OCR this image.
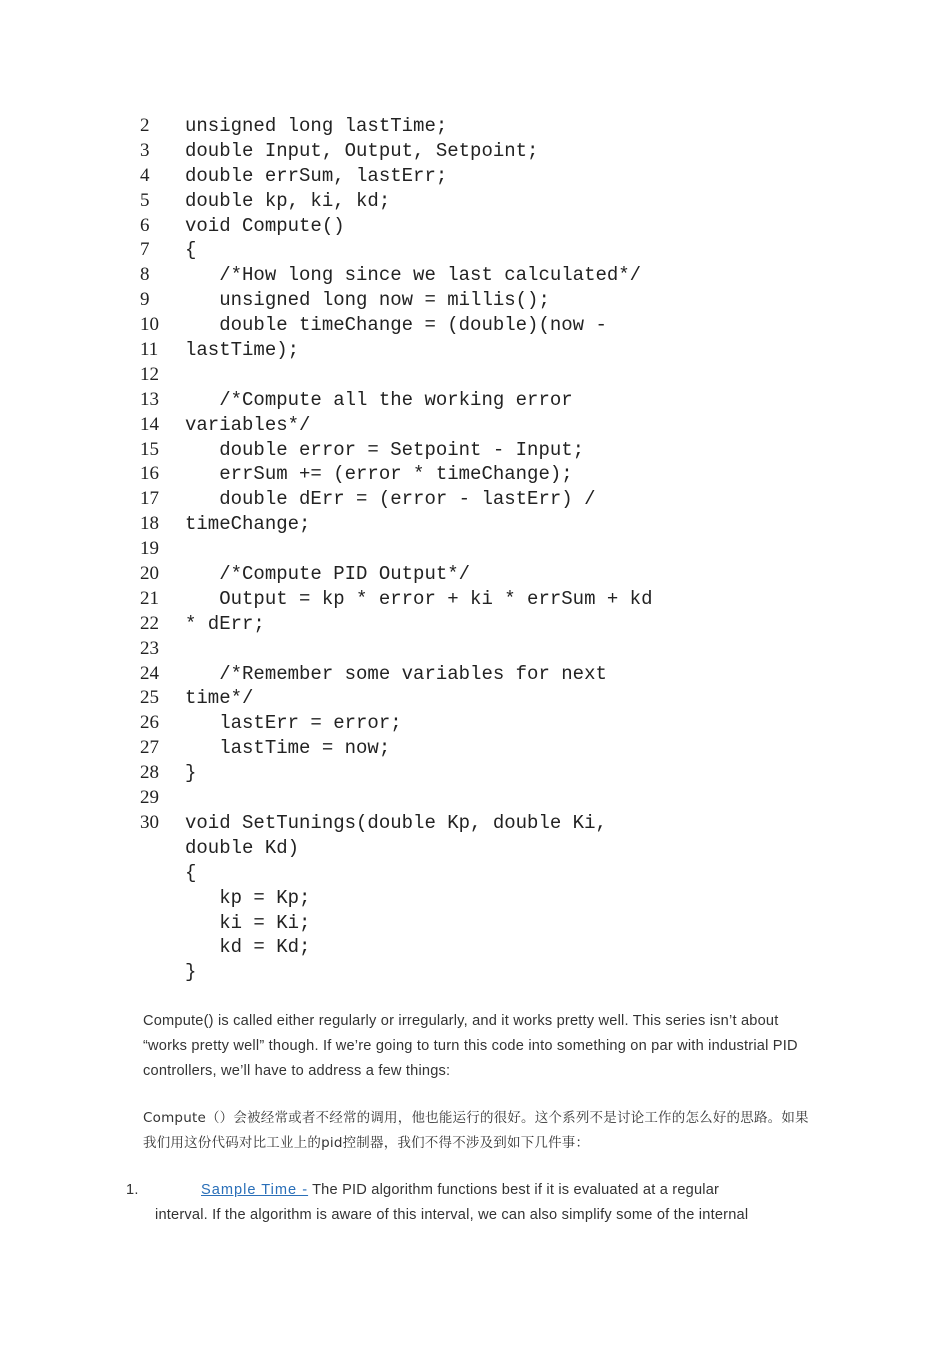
2
3
4
5
6
7
8
9
10
11
12
13
14
15
16
17
18
19
20
21
22
23
24
25
26
27
28
29
30
unsigned long lastTime;
double Input, Output, Setpoint;
double errSum, lastErr;
double kp, ki, kd;
void Compute()
{
/*How long since we last calculated*/
unsigned long now = millis();
double timeChange = (double)(now -
lastTime);
/*Compute all the working error
variables*/
double error = Setpoint - Input;
errSum += (error * timeChange);
double dErr = (error - lastErr) /
timeChange;
/*Compute PID Output*/
Output = kp * error + ki * errSum + kd
* dErr;
/*Remember some variables for next
time*/
lastErr = error;
lastTime = now;
}
void SetTunings(double Kp, double Ki,
double Kd)
{
kp = Kp;
ki = Ki;
kd = Kd;
}
Compute() is called either regularly or irregularly, and it works pretty well. This series isn’t about “works pretty well” though. If we’re going to turn this code into something on par with industrial PID controllers, we’ll have to address a few things:
Compute（）会被经常或者不经常的调用，他也能运行的很好。这个系列不是讨论工作的怎么好的思路。如果我们用这份代码对比工业上的pid控制器，我们不得不涉及到如下几件事：
1.	Sample Time - The PID algorithm functions best if it is evaluated at a regular
interval. If the algorithm is aware of this interval, we can also simplify some of the internal
